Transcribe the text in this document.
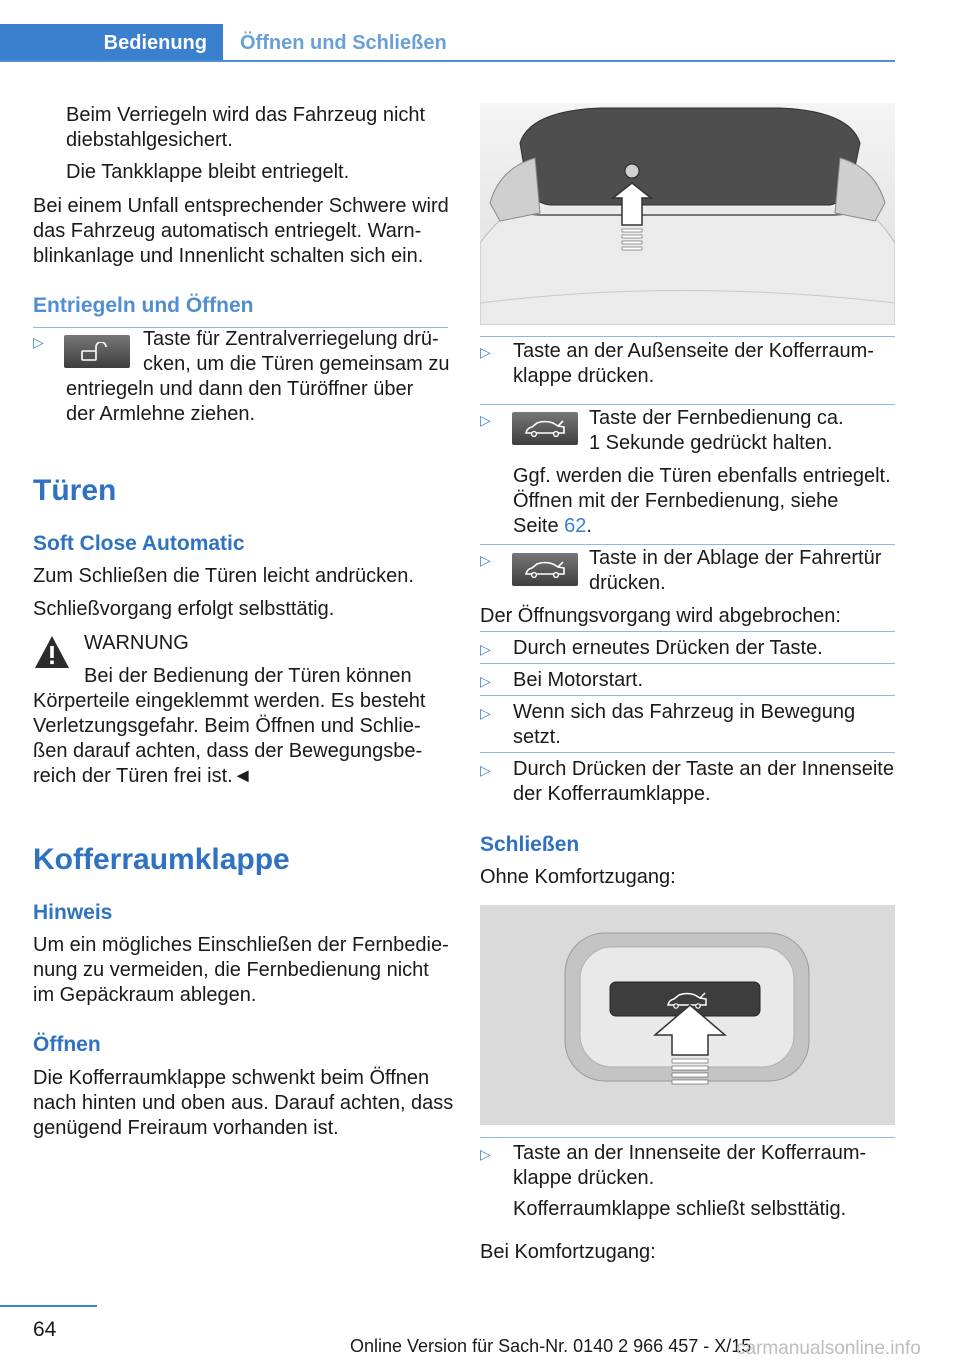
Bedienung	Öffnen und Schließen

Beim Verriegeln wird das Fahrzeug nicht

diebstahlgesichert.

Die Tankklappe bleibt entriegelt.

Bei einem Unfall entsprechender Schwere wird

das Fahrzeug automatisch entriegelt. Warn-

blinkanlage und Innenlicht schalten sich ein.

Entriegeln und Öffnen
▷	Taste für Zentralverriegelung drü-

cken, um die Türen gemeinsam zu

entriegeln und dann den Türöffner über

der Armlehne ziehen.

Türen
Soft Close Automatic

Zum Schließen die Türen leicht andrücken.

Schließvorgang erfolgt selbsttätig.

WARNUNG

Bei der Bedienung der Türen können

Körperteile eingeklemmt werden. Es besteht

Verletzungsgefahr. Beim Öffnen und Schlie-

ßen darauf achten, dass der Bewegungsbe-

reich der Türen frei ist.◄

Kofferraumklappe
Hinweis

Um ein mögliches Einschließen der Fernbedie-

nung zu vermeiden, die Fernbedienung nicht

im Gepäckraum ablegen.

Öffnen

Die Kofferraumklappe schwenkt beim Öffnen

nach hinten und oben aus. Darauf achten, dass

genügend Freiraum vorhanden ist.

▷ Taste an der Außenseite der Kofferraum-

klappe drücken.

▷	Taste der Fernbedienung ca.

1 Sekunde gedrückt halten.

Ggf. werden die Türen ebenfalls entriegelt.

Öffnen mit der Fernbedienung, siehe

Seite 62.

▷	Taste in der Ablage der Fahrertür

drücken.

Der Öffnungsvorgang wird abgebrochen:

▷ Durch erneutes Drücken der Taste.

▷ Bei Motorstart.

▷ Wenn sich das Fahrzeug in Bewegung

setzt.

▷ Durch Drücken der Taste an der Innenseite

der Kofferraumklappe.

Schließen

Ohne Komfortzugang:

▷ Taste an der Innenseite der Kofferraum-

klappe drücken.

Kofferraumklappe schließt selbsttätig.

Bei Komfortzugang:

64
Online Version für Sach-Nr. 0140 2 966 457 - X/15
carmanualsonline.info
